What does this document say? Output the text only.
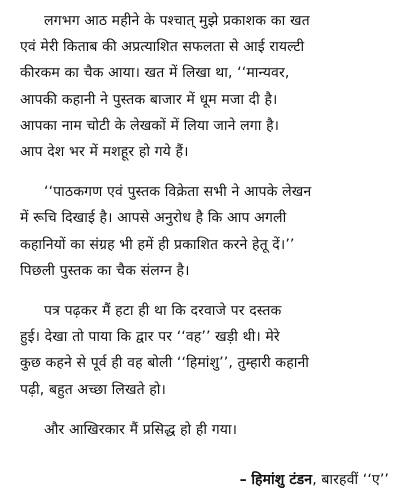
लगभग आठ महीने के पश्चात् मुझे प्रकाशक का खत
एवं मेरी किताब की अप्रत्याशित सफलता से आई रायल्टी
कीरकम का चैक आया। खत में लिखा था, ‘‘मान्यवर,
आपकी कहानी ने पुस्तक बाजार में धूम मजा दी है।
आपका नाम चोटी के लेखकों में लिया जाने लगा है।
आप देश भर में मशहूर हो गये हैं।
‘‘पाठकगण एवं पुस्तक विक्रेता सभी ने आपके लेखन
में रूचि दिखाई है। आपसे अनुरोध है कि आप अगली
कहानियों का संग्रह भी हमें ही प्रकाशित करने हेतू दें।’’
पिछली पुस्तक का चैक संलग्न है।
पत्र पढ़कर मैं हटा ही था कि दरवाजे पर दस्तक
हुई। देखा तो पाया कि द्वार पर ‘‘वह’’ खड़ी थी। मेरे
कुछ कहने से पूर्व ही वह बोली ‘‘हिमांशु’’, तुम्हारी कहानी
पढ़ी, बहुत अच्छा लिखते हो।
और आखिरकार मैं प्रसिद्ध हो ही गया।
– हिमांशु टंडन, बारहवीं ‘‘ए’’
